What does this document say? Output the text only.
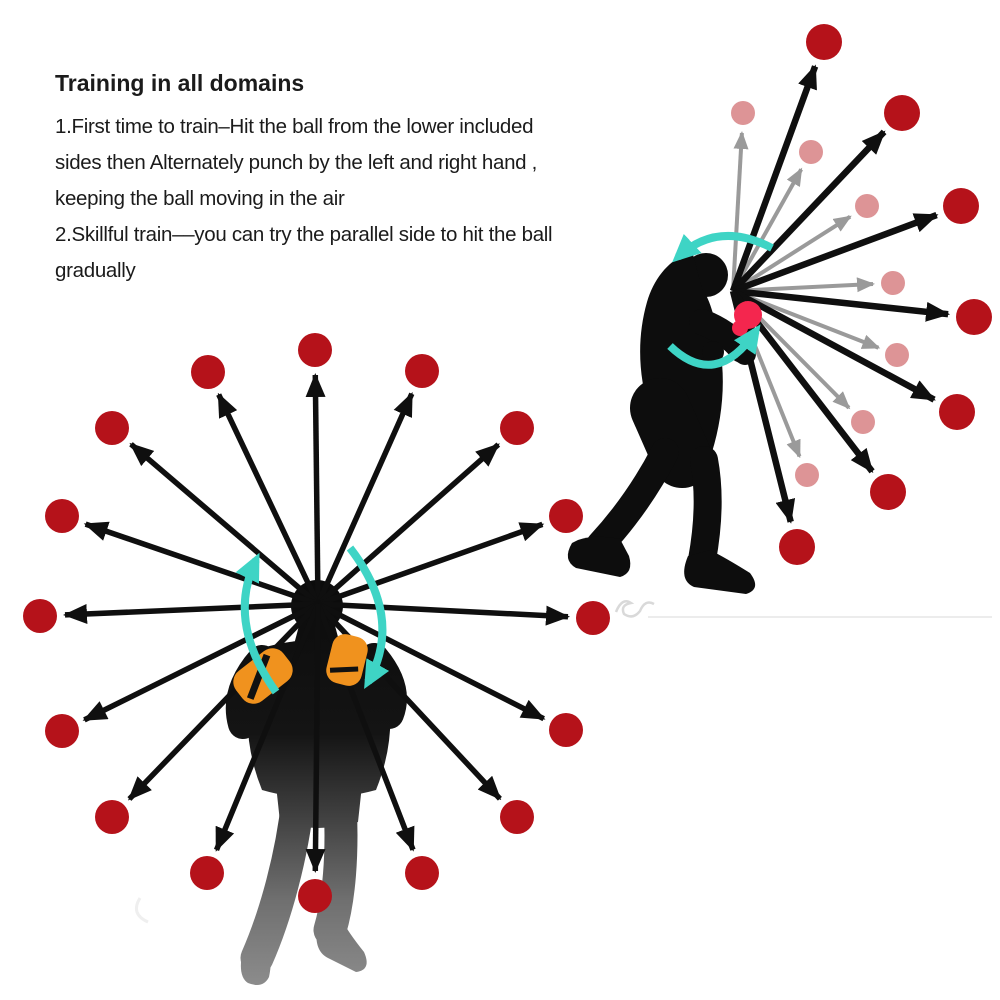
Training in all domains
1.First time to train–Hit the ball from the lower included
sides then Alternately punch by the left and right hand ,
keeping the ball moving in the air
2.Skillful train––you can try the parallel side to hit the ball
gradually
